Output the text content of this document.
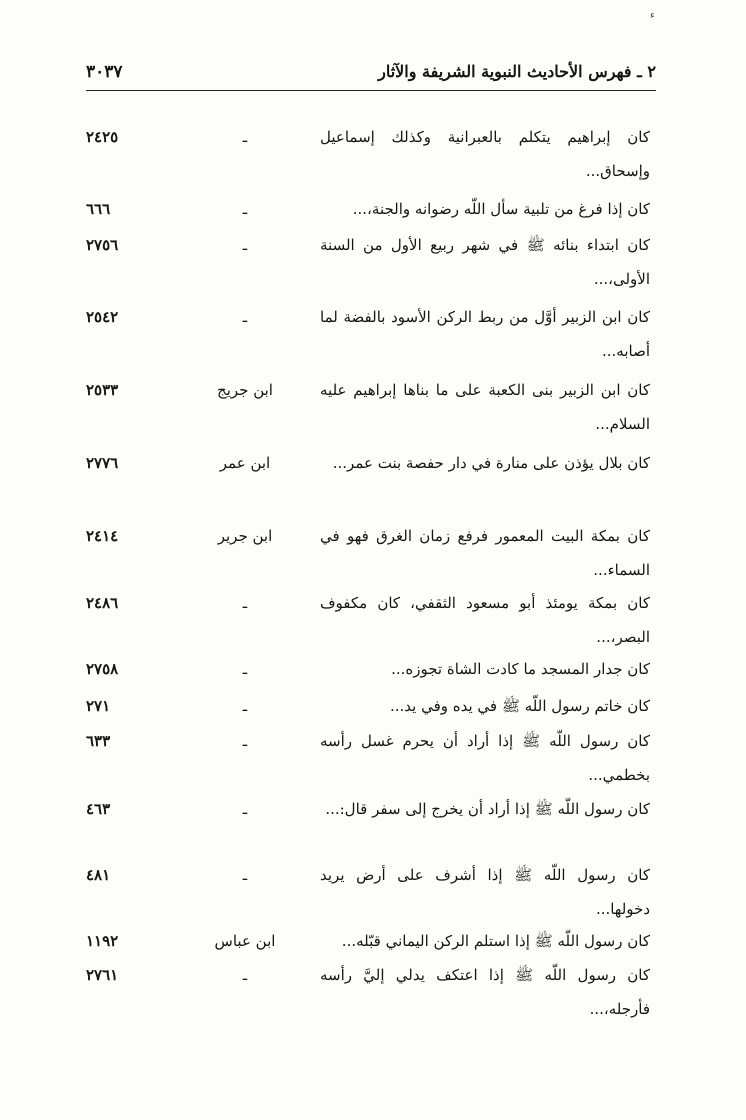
ء
٣٠٣٧	٢ ـ فهرس الأحاديث النبوية الشريفة والآثار
كان إبراهيم يتكلم بالعبرانية وكذلك إسماعيل وإسحاق...
ـ
٢٤٢٥
كان إذا فرغ من تلبية سأل اللّه رضوانه والجنة،...
ـ
٦٦٦
كان ابتداء بنائه ﷺ في شهر ربيع الأول من السنة الأولى،...
ـ
٢٧٥٦
كان ابن الزبير أوَّل من ربط الركن الأسود بالفضة لما أصابه...
ـ
٢٥٤٢
كان ابن الزبير بنى الكعبة على ما بناها إبراهيم عليه السلام...
ابن جريج
٢٥٣٣
كان بلال يؤذن على منارة في دار حفصة بنت عمر...
ابن عمر
٢٧٧٦
كان بمكة البيت المعمور فرفع زمان الغرق فهو في السماء...
ابن جرير
٢٤١٤
كان بمكة يومئذ أبو مسعود الثقفي، كان مكفوف البصر،...
ـ
٢٤٨٦
كان جدار المسجد ما كادت الشاة تجوزه...
ـ
٢٧٥٨
كان خاتم رسول اللّه ﷺ في يده وفي يد...
ـ
٢٧١
كان رسول اللّه ﷺ إذا أراد أن يحرم غسل رأسه بخطمي...
ـ
٦٣٣
كان رسول اللّه ﷺ إذا أراد أن يخرج إلى سفر قال:...
ـ
٤٦٣
كان رسول اللّه ﷺ إذا أشرف على أرض يريد دخولها...
ـ
٤٨١
كان رسول اللّه ﷺ إذا استلم الركن اليماني قبّله...
ابن عباس
١١٩٢
كان رسول اللّه ﷺ إذا اعتكف يدلي إليَّ رأسه فأرجله،...
ـ
٢٧٦١
